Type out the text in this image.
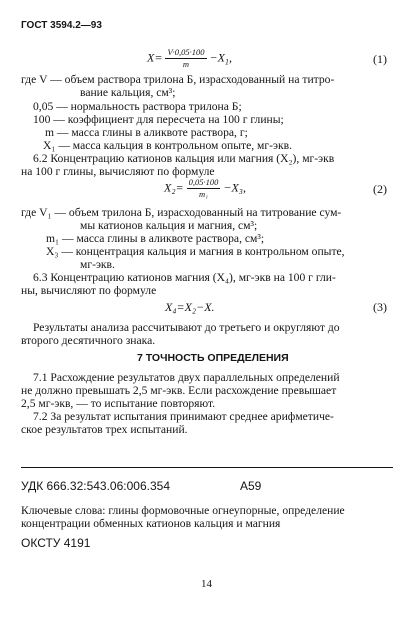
ГОСТ 3594.2—93
$X= \frac{V\cdot 0,05\cdot 100}{m} -X_1$,	(1)
где V — объем раствора трилона Б, израсходованный на титро-
вание кальция, см³;
0,05 — нормальность раствора трилона Б;
100 — коэффициент для пересчета на 100 г глины;
m — масса глины в аликвоте раствора, г;
X₁ — масса кальция в контрольном опыте, мг-экв.
6.2 Концентрацию катионов кальция или магния (X₂), мг-экв
на 100 г глины, вычисляют по формуле
$X_2= \frac{0,05\cdot 100}{\text{m₁}} -X_3$,	(2)
где V₁ — объем трилона Б, израсходованный на титрование сум-
мы катионов кальция и магния, см³;
m₁ — масса глины в аликвоте раствора, см³;
X₃ — концентрация кальция и магния в контрольном опыте,
мг-экв.
6.3 Концентрацию катионов магния (X₄), мг-экв на 100 г гли-
ны, вычисляют по формуле
X₄=X₂−X.	(3)
Результаты анализа рассчитывают до третьего и округляют до
второго десятичного знака.
7 ТОЧНОСТЬ ОПРЕДЕЛЕНИЯ
7.1 Расхождение результатов двух параллельных определений
не должно превышать 2,5 мг-экв. Если расхождение превышает
2,5 мг-экв, — то испытание повторяют.
7.2 За результат испытания принимают среднее арифметиче-
ское результатов трех испытаний.
УДК 666.32:543.06:006.354	А59
Ключевые слова: глины формовочные огнеупорные, определение
концентрации обменных катионов кальция и магния
ОКСТУ 4191
14
